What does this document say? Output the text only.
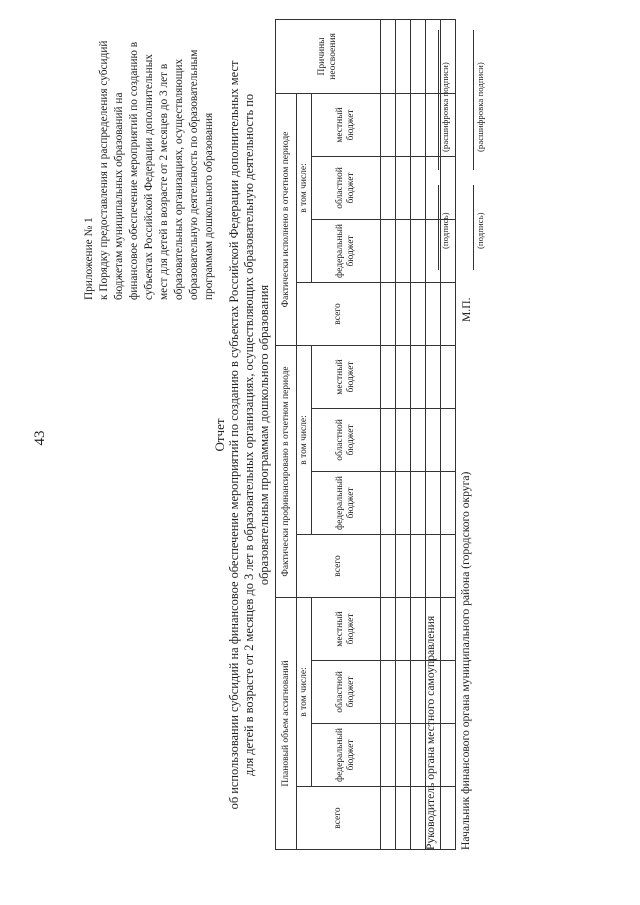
43
Приложение № 1 к Порядку предоставления и распределения субсидий бюджетам муниципальных образований на финансовое обеспечение мероприятий по созданию в субъектах Российской Федерации дополнительных мест для детей в возрасте от 2 месяцев до 3 лет в образовательных организациях, осуществляющих образовательную деятельность по образовательным программам дошкольного образования
Отчет об использовании субсидий на финансовое обеспечение мероприятий по созданию в субъектах Российской Федерации дополнительных мест для детей в возрасте от 2 месяцев до 3 лет в образовательных организациях, осуществляющих образовательную деятельность по образовательным программам дошкольного образования
Плановый объем ассигнований				Фактически профинансировано в отчетном периоде				Фактически исполнено в отчетном периоде				Причины неосвоения
всего	в том числе:			всего	в том числе:			всего	в том числе:			
	федеральный бюджет	областной бюджет	местный бюджет		федеральный бюджет	областной бюджет	местный бюджет		федеральный бюджет	областной бюджет	местный бюджет	

Руководитель органа местного самоуправления Начальник финансового органа муниципального района (городского округа)
М.П.
(подпись)
(расшифровка подписи)
(подпись)
(расшифровка подписи)
